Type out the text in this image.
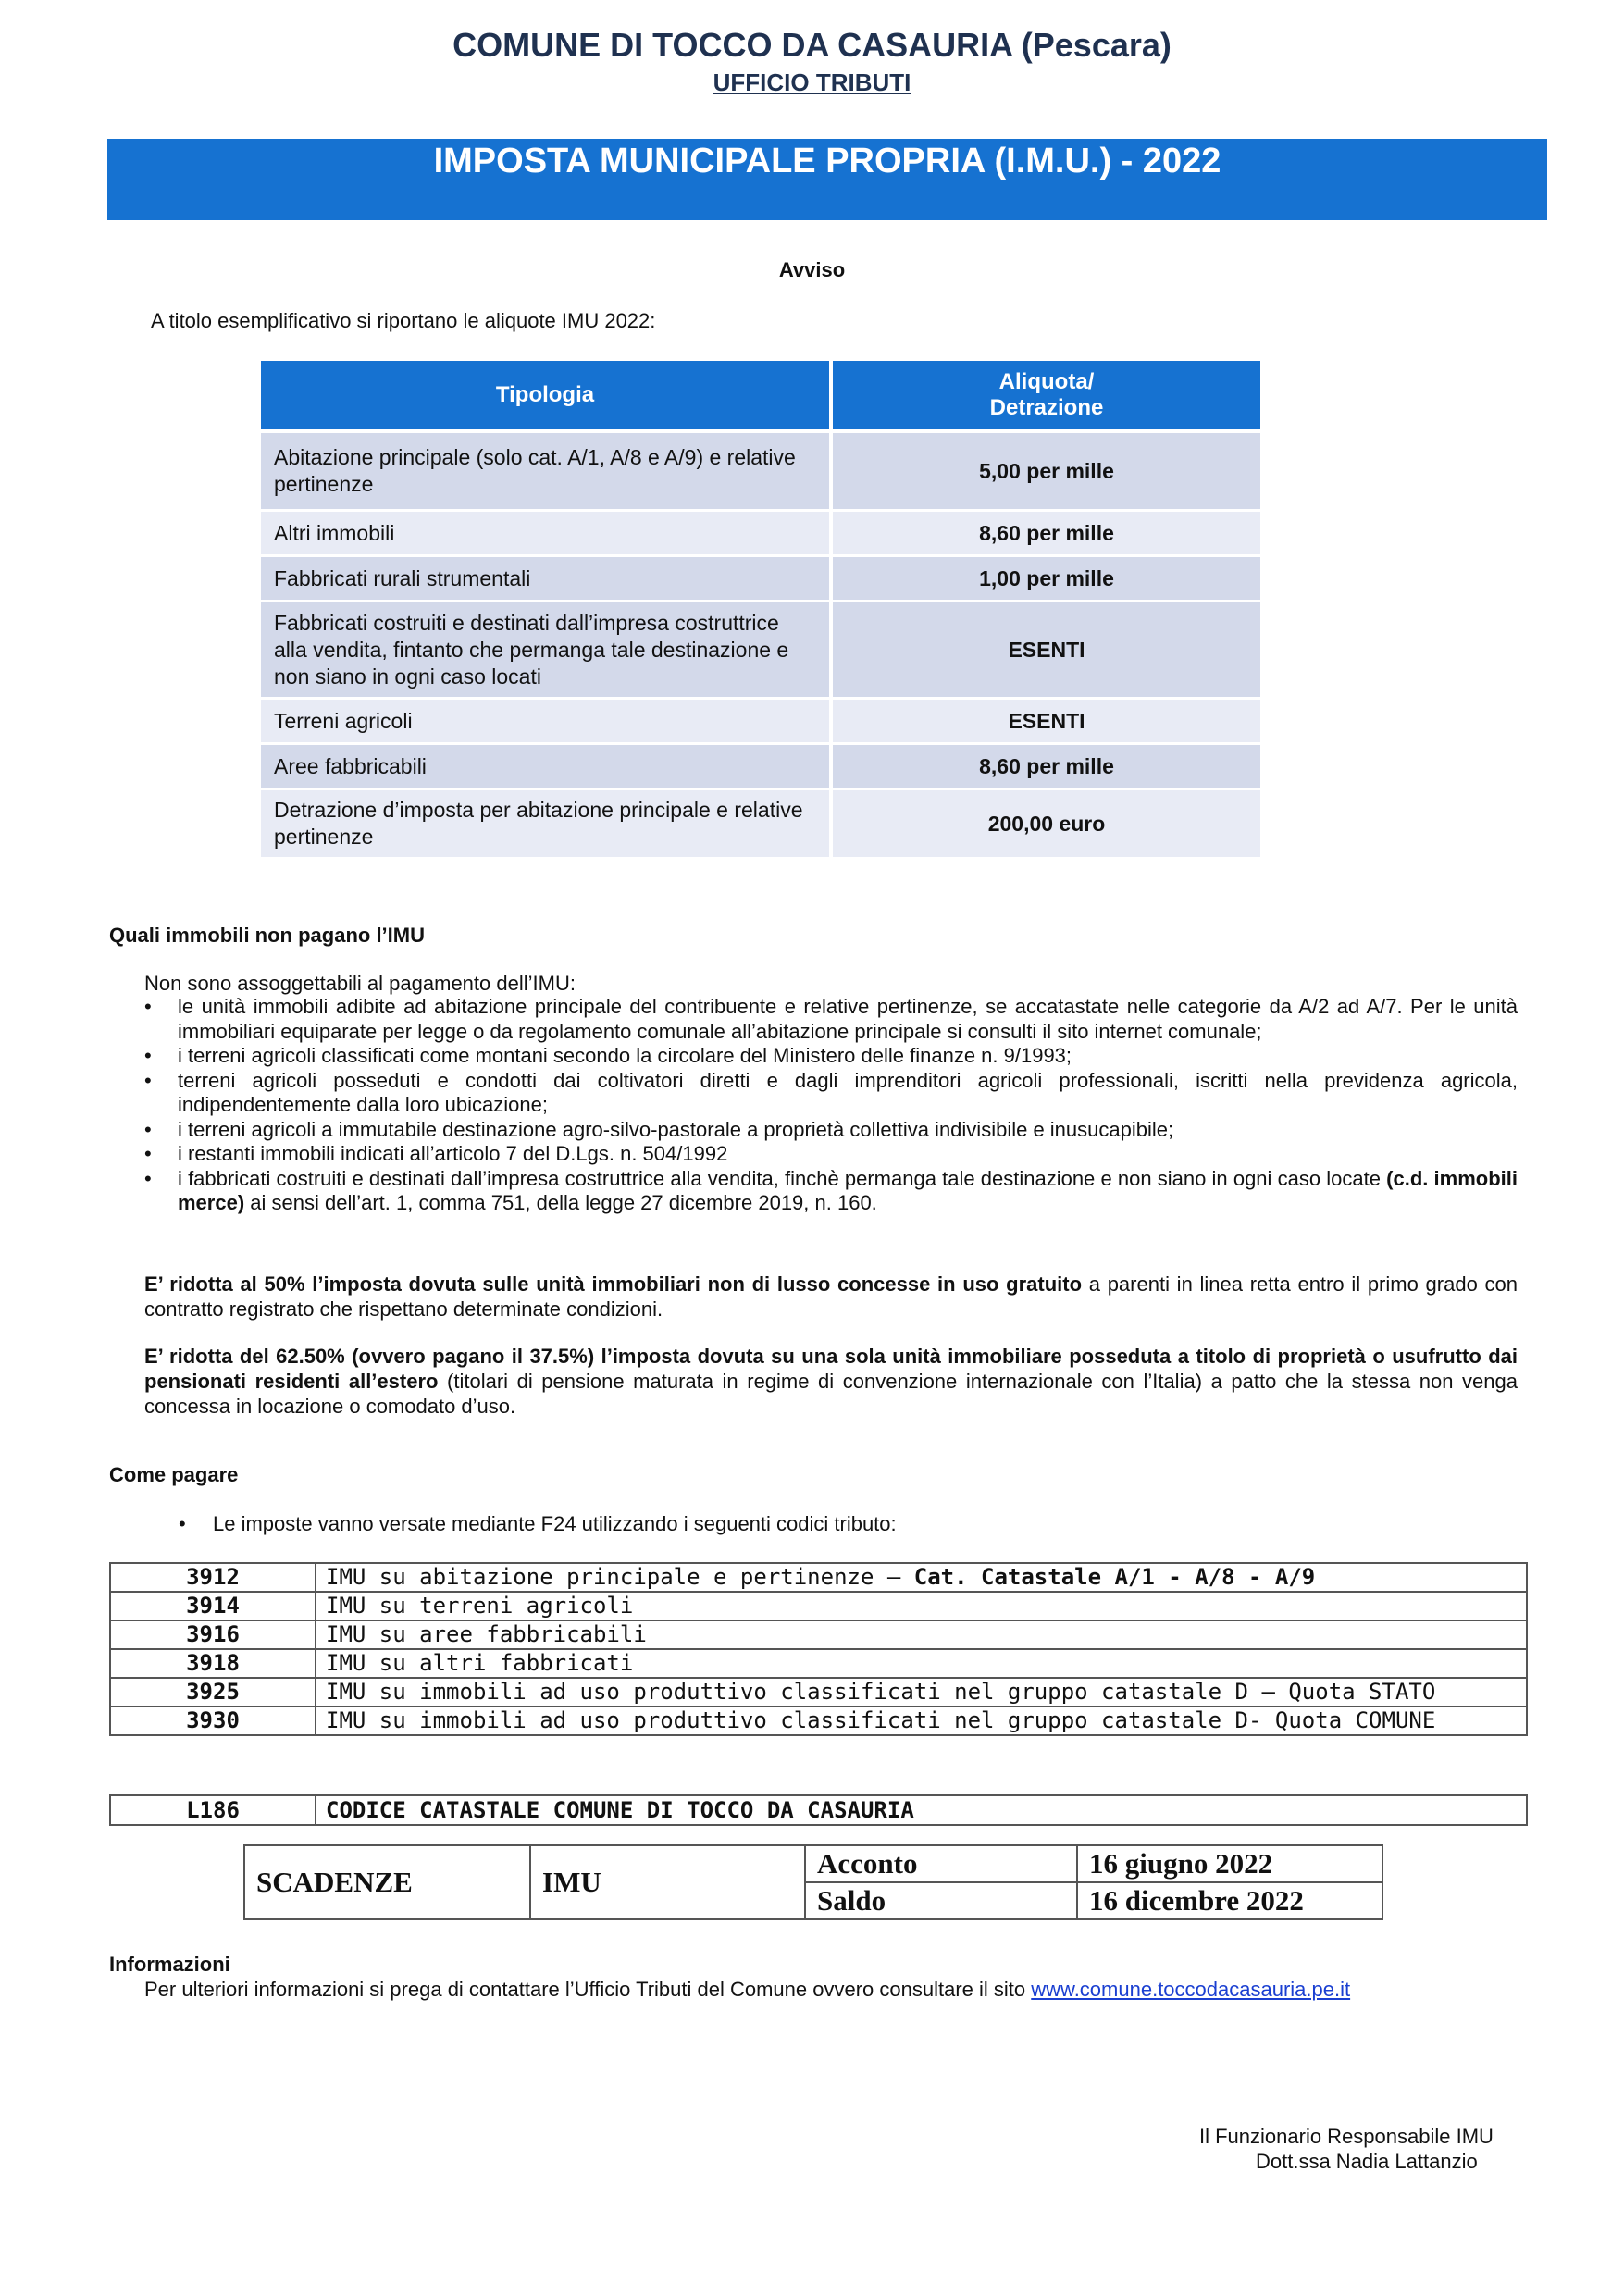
COMUNE DI TOCCO DA CASAURIA (Pescara)
UFFICIO TRIBUTI
IMPOSTA MUNICIPALE PROPRIA (I.M.U.) - 2022
Avviso
A titolo esemplificativo si riportano le aliquote IMU 2022:
Tipologia	Aliquota/
Detrazione
Abitazione principale (solo cat. A/1, A/8 e A/9) e relative pertinenze	5,00 per mille
Altri immobili	8,60 per mille
Fabbricati rurali strumentali	1,00 per mille
Fabbricati costruiti e destinati dall’impresa costruttrice alla vendita, fintanto che permanga tale destinazione e non siano in ogni caso locati	ESENTI
Terreni agricoli	ESENTI
Aree fabbricabili	8,60 per mille
Detrazione d’imposta per abitazione principale e relative pertinenze	200,00 euro
Quali immobili non pagano l’IMU
Non sono assoggettabili al pagamento dell’IMU:
• le unità immobili adibite ad abitazione principale del contribuente e relative pertinenze, se accatastate nelle categorie da A/2 ad A/7. Per le unità immobiliari equiparate per legge o da regolamento comunale all’abitazione principale si consulti il sito internet comunale;
• i terreni agricoli classificati come montani secondo la circolare del Ministero delle finanze n. 9/1993;
• terreni agricoli posseduti e condotti dai coltivatori diretti e dagli imprenditori agricoli professionali, iscritti nella previdenza agricola, indipendentemente dalla loro ubicazione;
• i terreni agricoli a immutabile destinazione agro-silvo-pastorale a proprietà collettiva indivisibile e inusucapibile;
• i restanti immobili indicati all’articolo 7 del D.Lgs. n. 504/1992
• i fabbricati costruiti e destinati dall’impresa costruttrice alla vendita, finchè permanga tale destinazione e non siano in ogni caso locate (c.d. immobili merce) ai sensi dell’art. 1, comma 751, della legge 27 dicembre 2019, n. 160.
E’ ridotta al 50% l’imposta dovuta sulle unità immobiliari non di lusso concesse in uso gratuito a parenti in linea retta entro il primo grado con contratto registrato che rispettano determinate condizioni.
E’ ridotta del 62.50% (ovvero pagano il 37.5%) l’imposta dovuta su una sola unità immobiliare posseduta a titolo di proprietà o usufrutto dai pensionati residenti all’estero (titolari di pensione maturata in regime di convenzione internazionale con l’Italia) a patto che la stessa non venga concessa in locazione o comodato d’uso.
Come pagare
• Le imposte vanno versate mediante F24 utilizzando i seguenti codici tributo:
3912	IMU su abitazione principale e pertinenze – Cat. Catastale A/1 - A/8 - A/9
3914	IMU su terreni agricoli
3916	IMU su aree fabbricabili
3918	IMU su altri fabbricati
3925	IMU su immobili ad uso produttivo classificati nel gruppo catastale D – Quota STATO
3930	IMU su immobili ad uso produttivo classificati nel gruppo catastale D- Quota COMUNE
L186	CODICE CATASTALE COMUNE DI TOCCO DA CASAURIA
SCADENZE	IMU	Acconto	16 giugno 2022
		Saldo	16 dicembre 2022
Informazioni
Per ulteriori informazioni si prega di contattare l’Ufficio Tributi del Comune ovvero consultare il sito www.comune.toccodacasauria.pe.it
Il Funzionario Responsabile IMU
Dott.ssa Nadia Lattanzio
